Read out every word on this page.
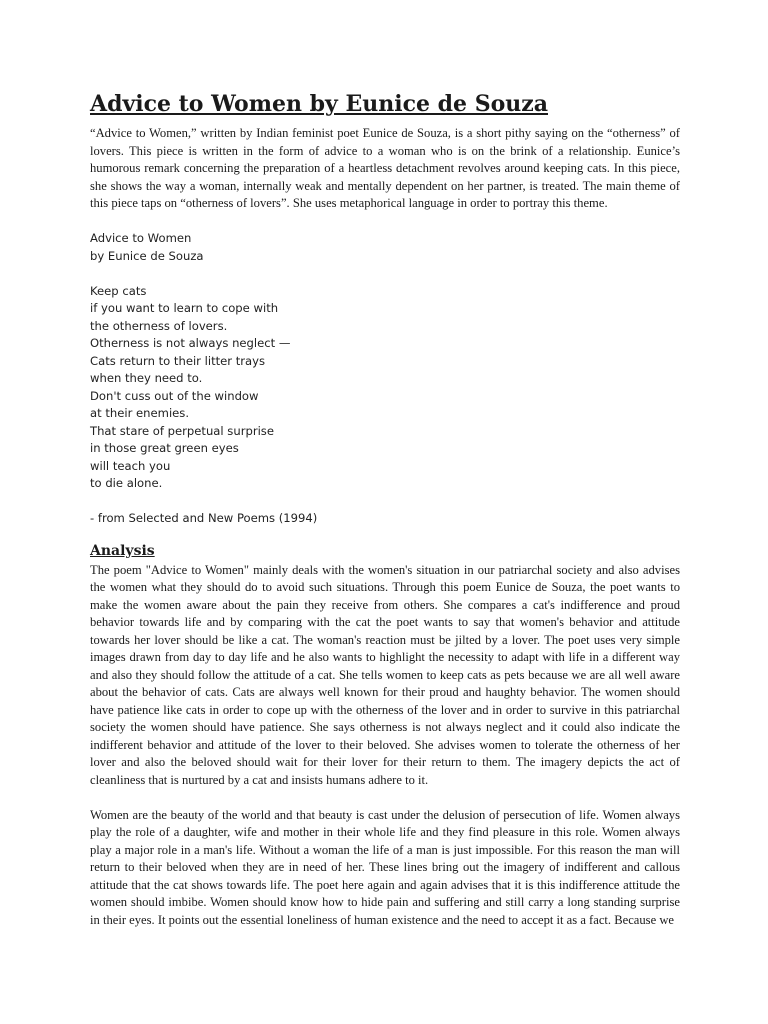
Advice to Women by Eunice de Souza

“Advice to Women,” written by Indian feminist poet Eunice de Souza, is a short pithy saying on the “otherness” of lovers. This piece is written in the form of advice to a woman who is on the brink of a relationship. Eunice’s humorous remark concerning the preparation of a heartless detachment revolves around keeping cats. In this piece, she shows the way a woman, internally weak and mentally dependent on her partner, is treated. The main theme of this piece taps on “otherness of lovers”. She uses metaphorical language in order to portray this theme.

Advice to Women
by Eunice de Souza
Keep cats
if you want to learn to cope with
the otherness of lovers.
Otherness is not always neglect —
Cats return to their litter trays
when they need to.
Don't cuss out of the window
at their enemies.
That stare of perpetual surprise
in those great green eyes
will teach you
to die alone.
- from Selected and New Poems (1994)
Analysis

The poem "Advice to Women" mainly deals with the women's situation in our patriarchal society and also advises the women what they should do to avoid such situations. Through this poem Eunice de Souza, the poet wants to make the women aware about the pain they receive from others. She compares a cat's indifference and proud behavior towards life and by comparing with the cat the poet wants to say that women's behavior and attitude towards her lover should be like a cat. The woman's reaction must be jilted by a lover. The poet uses very simple images drawn from day to day life and he also wants to highlight the necessity to adapt with life in a different way and also they should follow the attitude of a cat. She tells women to keep cats as pets because we are all well aware about the behavior of cats. Cats are always well known for their proud and haughty behavior. The women should have patience like cats in order to cope up with the otherness of the lover and in order to survive in this patriarchal society the women should have patience. She says otherness is not always neglect and it could also indicate the indifferent behavior and attitude of the lover to their beloved. She advises women to tolerate the otherness of her lover and also the beloved should wait for their lover for their return to them. The imagery depicts the act of cleanliness that is nurtured by a cat and insists humans adhere to it.

Women are the beauty of the world and that beauty is cast under the delusion of persecution of life. Women always play the role of a daughter, wife and mother in their whole life and they find pleasure in this role. Women always play a major role in a man's life. Without a woman the life of a man is just impossible. For this reason the man will return to their beloved when they are in need of her. These lines bring out the imagery of indifferent and callous attitude that the cat shows towards life. The poet here again and again advises that it is this indifference attitude the women should imbibe. Women should know how to hide pain and suffering and still carry a long standing surprise in their eyes. It points out the essential loneliness of human existence and the need to accept it as a fact. Because we
